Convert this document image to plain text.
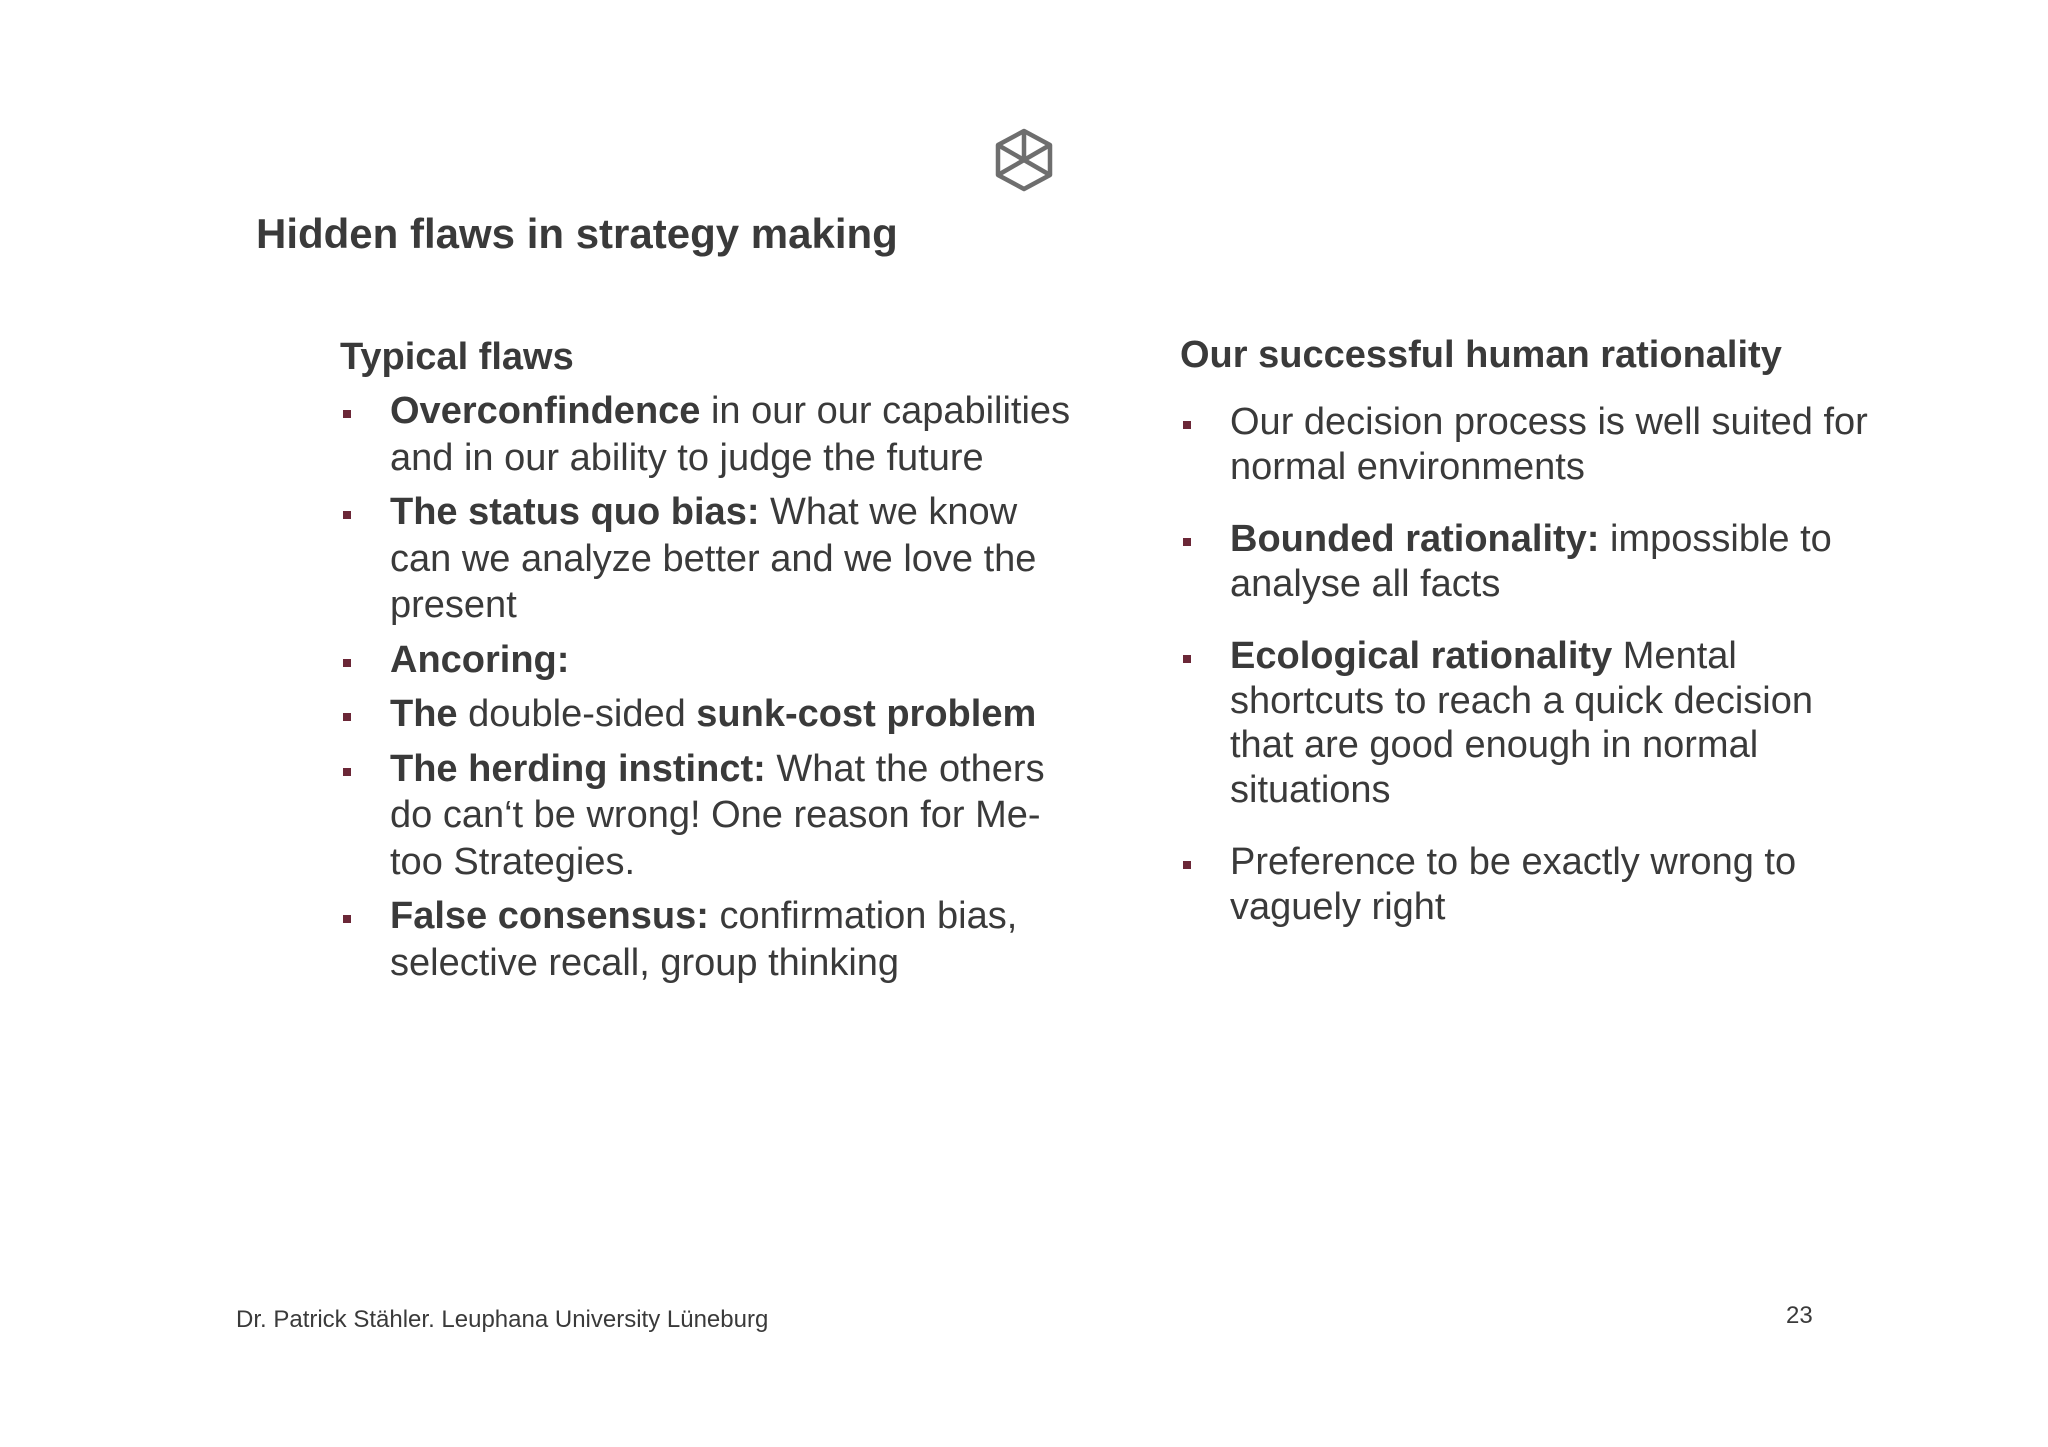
Hidden flaws in strategy making

Typical flaws

Overconfindence in our our capabilities and in our ability to judge the future
The status quo bias: What we know can we analyze better and we love the present
Ancoring:
The double-sided sunk-cost problem
The herding instinct: What the others do can‘t be wrong! One reason for Me-too Strategies.
False consensus: confirmation bias, selective recall, group thinking

Our successful human rationality

Our decision process is well suited for normal environments
Bounded rationality: impossible to analyse all facts
Ecological rationality Mental shortcuts to reach a quick decision that are good enough in normal situations
Preference to be exactly wrong to vaguely right
Dr. Patrick Stähler. Leuphana University Lüneburg	23
